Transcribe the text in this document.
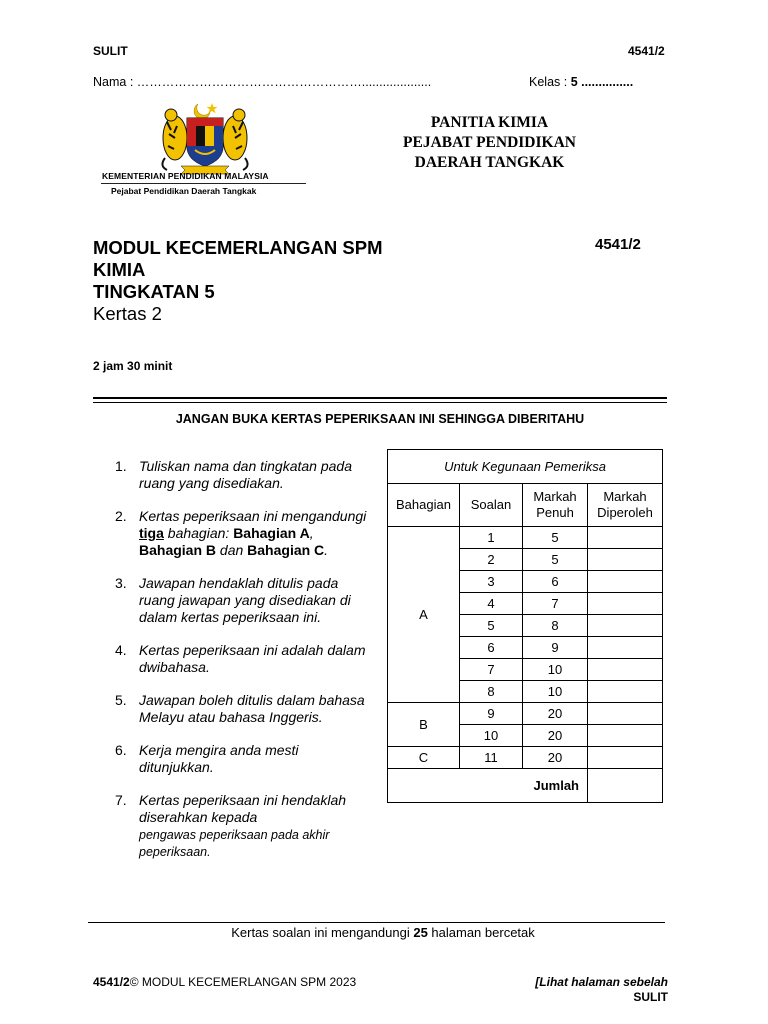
SULIT	4541/2
Nama : ………………………………………………....................	Kelas : 5 ...............
KEMENTERIAN PENDIDIKAN MALAYSIA
Pejabat Pendidikan Daerah Tangkak
PANITIA KIMIA
PEJABAT PENDIDIKAN
DAERAH TANGKAK
MODUL KECEMERLANGAN SPM
KIMIA
TINGKATAN 5
Kertas 2
4541/2
2 jam 30 minit
JANGAN BUKA KERTAS PEPERIKSAAN INI SEHINGGA DIBERITAHU
1. Tuliskan nama dan tingkatan pada ruang yang disediakan.
2. Kertas peperiksaan ini mengandungi tiga bahagian: Bahagian A, Bahagian B dan Bahagian C.
3. Jawapan hendaklah ditulis pada ruang jawapan yang disediakan di dalam kertas peperiksaan ini.
4. Kertas peperiksaan ini adalah dalam dwibahasa.
5. Jawapan boleh ditulis dalam bahasa Melayu atau bahasa Inggeris.
6. Kerja mengira anda mesti ditunjukkan.
7. Kertas peperiksaan ini hendaklah diserahkan kepada
pengawas peperiksaan pada akhir peperiksaan.
Untuk Kegunaan Pemeriksa			
Bahagian	Soalan	Markah Penuh	Markah Diperoleh
A	1	5	
	2	5	
	3	6	
	4	7	
	5	8	
	6	9	
	7	10	
	8	10	
B	9	20	
	10	20	
C	11	20	
Jumlah			
Kertas soalan ini mengandungi 25 halaman bercetak
4541/2© MODUL KECEMERLANGAN SPM 2023	[Lihat halaman sebelah
SULIT
